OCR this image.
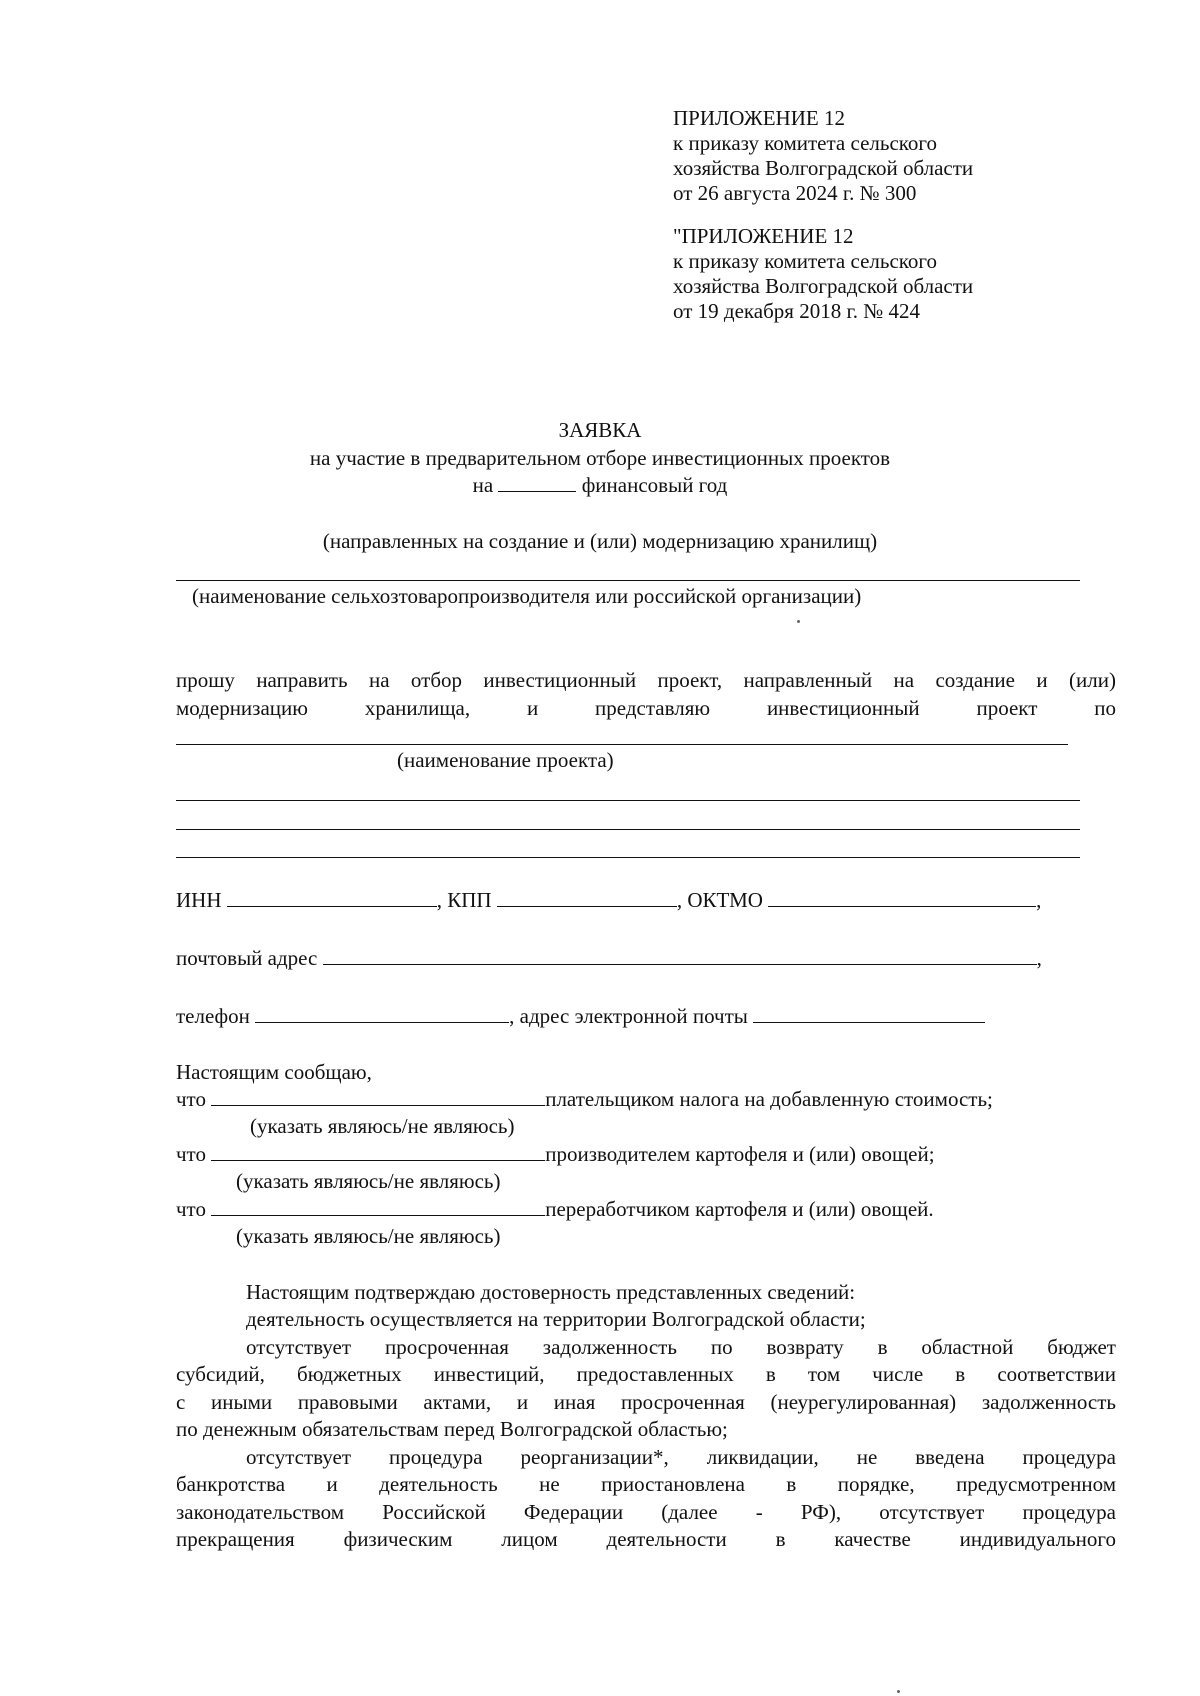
ПРИЛОЖЕНИЕ 12
к приказу комитета сельского
хозяйства Волгоградской области
от 26 августа 2024 г. № 300
"ПРИЛОЖЕНИЕ 12
к приказу комитета сельского
хозяйства Волгоградской области
от 19 декабря 2018 г. № 424
ЗАЯВКА
на участие в предварительном отборе инвестиционных проектов
на	финансовый год
(направленных на создание и (или) модернизацию хранилищ)
(наименование сельхозтоваропроизводителя или российской организации)
прошу направить на отбор инвестиционный проект, направленный на создание и (или)
модернизацию хранилища, и представляю инвестиционный проект по
(наименование проекта)
ИНН	, КПП	, ОКТМО	,
почтовый адрес	,
телефон	, адрес электронной почты
Настоящим сообщаю,
что	плательщиком налога на добавленную стоимость;
(указать являюсь/не являюсь)
что	производителем картофеля и (или) овощей;
(указать являюсь/не являюсь)
что	переработчиком картофеля и (или) овощей.
(указать являюсь/не являюсь)
Настоящим подтверждаю достоверность представленных сведений:
деятельность осуществляется на территории Волгоградской области;
отсутствует просроченная задолженность по возврату в областной бюджет
субсидий, бюджетных инвестиций, предоставленных в том числе в соответствии
с иными правовыми актами, и иная просроченная (неурегулированная) задолженность
по денежным обязательствам перед Волгоградской областью;
отсутствует процедура реорганизации*, ликвидации, не введена процедура
банкротства и деятельность не приостановлена в порядке, предусмотренном
законодательством Российской Федерации (далее - РФ), отсутствует процедура
прекращения физическим лицом деятельности в качестве индивидуального
